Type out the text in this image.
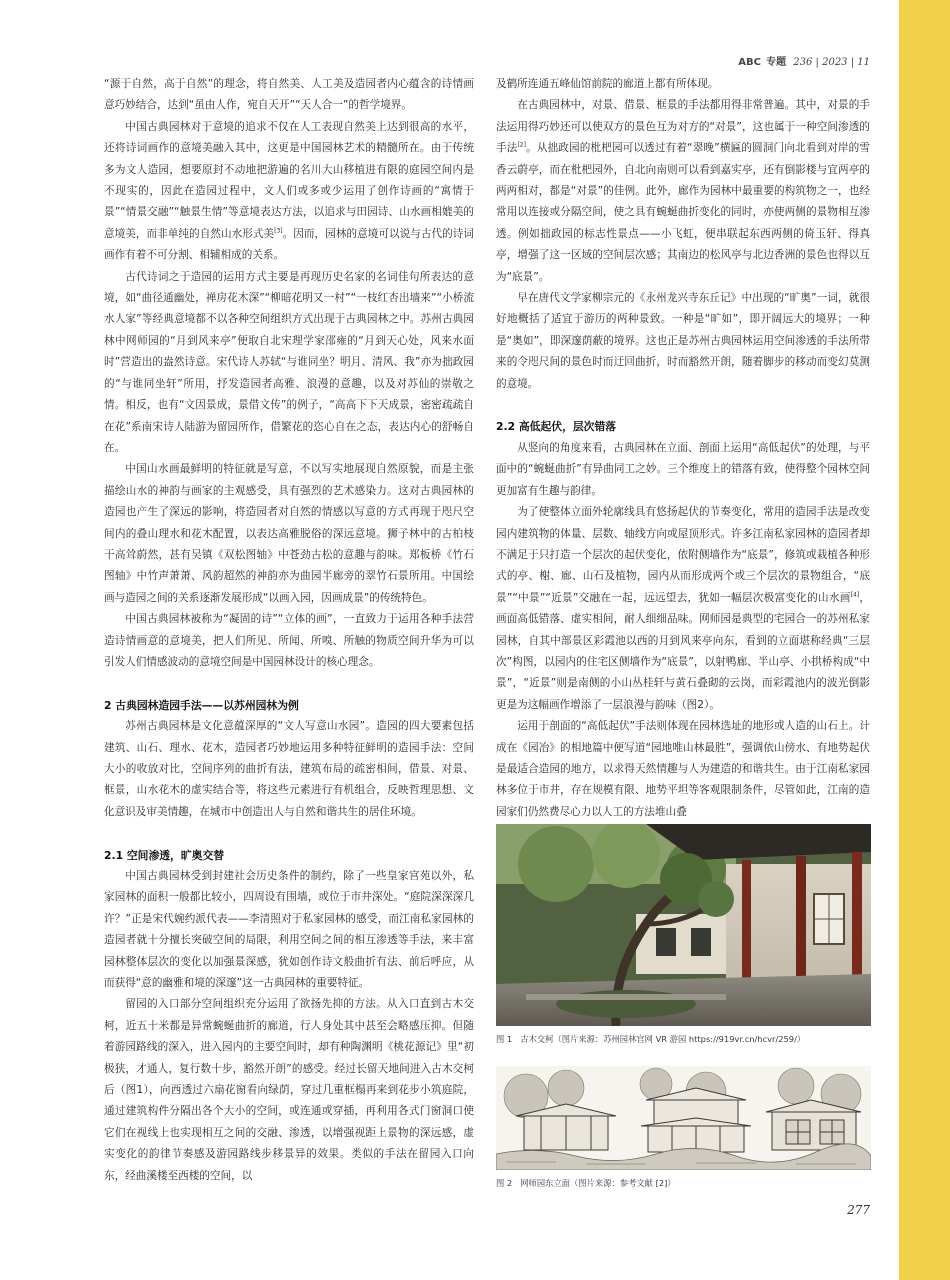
ABC 专题 236 | 2023 | 11

“源于自然，高于自然”的理念，将自然美、人工美及造园者内心蕴含的诗情画意巧妙结合，达到“虽由人作，宛自天开”“天人合一”的哲学境界。

中国古典园林对于意境的追求不仅在人工表现自然美上达到很高的水平，还将诗词画作的意境美融入其中，这更是中国园林艺术的精髓所在。由于传统多为文人造园，想要原封不动地把游遍的名川大山移植进有限的庭园空间内是不现实的，因此在造园过程中，文人们或多或少运用了创作诗画的“寓情于景”“情景交融”“触景生情”等意境表达方法，以追求与田园诗、山水画相媲美的意境美，而非单纯的自然山水形式美[3]。因而，园林的意境可以说与古代的诗词画作有着不可分割、相辅相成的关系。

古代诗词之于造园的运用方式主要是再现历史名家的名词佳句所表达的意境，如“曲径通幽处，禅房花木深”“柳暗花明又一村”“一枝红杏出墙来”“小桥流水人家”等经典意境都不以各种空间组织方式出现于古典园林之中。苏州古典园林中网师园的“月到风来亭”便取自北宋理学家邵雍的“月到天心处，风来水面时”营造出的盎然诗意。宋代诗人苏轼“与谁同坐？明月、清风、我”亦为拙政园的“与谁同坐轩”所用，抒发造园者高雅、浪漫的意趣，以及对苏仙的崇敬之情。相反，也有“文因景成，景借文传”的例子，“高高下下天成景，密密疏疏自在花”系南宋诗人陆游为留园所作，借繁花的恣心自在之态，表达内心的舒畅自在。

中国山水画最鲜明的特征就是写意，不以写实地展现自然原貌，而是主张描绘山水的神韵与画家的主观感受，具有强烈的艺术感染力。这对古典园林的造园也产生了深远的影响，将造园者对自然的情感以写意的方式再现于咫尺空间内的叠山理水和花木配置，以表达高雅脱俗的深远意境。狮子林中的古柏枝干高耸蔚然，甚有吴镇《双松图轴》中苍劲古松的意趣与韵味。郑板桥《竹石图轴》中竹声萧萧、风韵超然的神韵亦为曲园半廊旁的翠竹石景所用。中国绘画与造园之间的关系逐渐发展形成“以画入园，因画成景”的传统特色。

中国古典园林被称为“凝固的诗”“立体的画”，一直致力于运用各种手法营造诗情画意的意境美，把人们所见、所闻、所嗅、所触的物质空间升华为可以引发人们情感波动的意境空间是中国园林设计的核心理念。

2 古典园林造园手法——以苏州园林为例

苏州古典园林是文化意蕴深厚的“文人写意山水园”。造园的四大要素包括建筑、山石、理水、花木，造园者巧妙地运用多种特征鲜明的造园手法：空间大小的收放对比，空间序列的曲折有法，建筑布局的疏密相间，借景、对景、框景，山水花木的虚实结合等，将这些元素进行有机组合，反映哲理思想、文化意识及审美情趣，在城市中创造出人与自然和谐共生的居住环境。

2.1 空间渗透，旷奥交替

中国古典园林受到封建社会历史条件的制约，除了一些皇家宫苑以外，私家园林的面积一般都比较小，四周设有围墙，或位于市井深处。“庭院深深深几许？”正是宋代婉约派代表——李清照对于私家园林的感受，而江南私家园林的造园者就十分擅长突破空间的局限，利用空间之间的相互渗透等手法，来丰富园林整体层次的变化以加强景深感，犹如创作诗文般曲折有法、前后呼应，从而获得“意的幽雅和境的深邃”这一古典园林的重要特征。

留园的入口部分空间组织充分运用了欲扬先抑的方法。从入口直到古木交柯，近五十米都是异常蜿蜒曲折的廊道，行人身处其中甚至会略感压抑。但随着游园路线的深入，进入园内的主要空间时，却有种陶渊明《桃花源记》里“初极狭，才通人，复行数十步，豁然开朗”的感受。经过长留天地间进入古木交柯后（图1），向西透过六扇花窗看向绿荫，穿过几重框榻再来到花步小筑庭院，通过建筑构件分隔出各个大小的空间，或连通或穿插，再利用各式门窗洞口使它们在视线上也实现相互之间的交融、渗透，以增强视距上景物的深远感，虚实变化的韵律节奏感及游园路线步移景异的效果。类似的手法在留园入口向东，经曲溪楼至西楼的空间，以

及鹤所连通五峰仙馆前院的廊道上都有所体现。

在古典园林中，对景、借景、框景的手法都用得非常普遍。其中，对景的手法运用得巧妙还可以使双方的景色互为对方的“对景”，这也属于一种空间渗透的手法[2]。从拙政园的枇杷园可以透过有着“翠晚”横匾的圆洞门向北看到对岸的雪香云蔚亭，而在枇杷园外，自北向南则可以看到嘉实亭，还有倒影楼与宜两亭的两两相对，都是“对景”的佳例。此外，廊作为园林中最重要的构筑物之一，也经常用以连接或分隔空间，使之具有蜿蜒曲折变化的同时，亦使两侧的景物相互渗透。例如拙政园的标志性景点——小飞虹，便串联起东西两侧的倚玉轩、得真亭，增强了这一区域的空间层次感；其南边的松风亭与北边香洲的景色也得以互为“底景”。

早在唐代文学家柳宗元的《永州龙兴寺东丘记》中出现的“旷奥”一词，就很好地概括了适宜于游历的两种景致。一种是“旷如”，即开阔远大的境界；一种是“奥如”，即深邃荫蔽的境界。这也正是苏州古典园林运用空间渗透的手法所带来的令咫尺间的景色时而迂回曲折，时而豁然开朗，随着脚步的移动而变幻莫测的意境。

2.2 高低起伏，层次错落

从竖向的角度来看，古典园林在立面、剖面上运用“高低起伏”的处理，与平面中的“蜿蜒曲折”有异曲同工之妙。三个维度上的错落有致，使得整个园林空间更加富有生趣与韵律。

为了使整体立面外轮廓线具有悠扬起伏的节奏变化，常用的造园手法是改变园内建筑物的体量、层数、轴线方向或屋顶形式。许多江南私家园林的造园者却不满足于只打造一个层次的起伏变化，依附侧墙作为“底景”，修筑或栽植各种形式的亭、榭、廊、山石及植物，园内从而形成两个或三个层次的景物组合，“底景”“中景”“近景”交融在一起，远远望去，犹如一幅层次极富变化的山水画[4]，画面高低错落、虚实相间，耐人细细品味。网师园是典型的宅园合一的苏州私家园林，自其中部景区彩霞池以西的月到风来亭向东，看到的立面堪称经典“三层次”构图，以园内的住宅区侧墙作为“底景”，以射鸭廊、半山亭、小拱桥构成“中景”，“近景”则是南侧的小山丛桂轩与黄石叠砌的云岗，而彩霞池内的波光倒影更是为这幅画作增添了一层浪漫与韵味（图2）。

运用于剖面的“高低起伏”手法则体现在园林选址的地形或人造的山石上。计成在《园冶》的相地篇中便写道“园地唯山林最胜”，强调依山傍水、有地势起伏是最适合造园的地方，以求得天然情趣与人为建造的和谐共生。由于江南私家园林多位于市井，存在规模有限、地势平坦等客观限制条件，尽管如此，江南的造园家们仍然费尽心力以人工的方法堆山叠

图 1 古木交柯（图片来源：苏州园林官网 VR 游园 https://919vr.cn/hcvr/259/）
图 2 网师园东立面（图片来源：参考文献 [2]）
277
